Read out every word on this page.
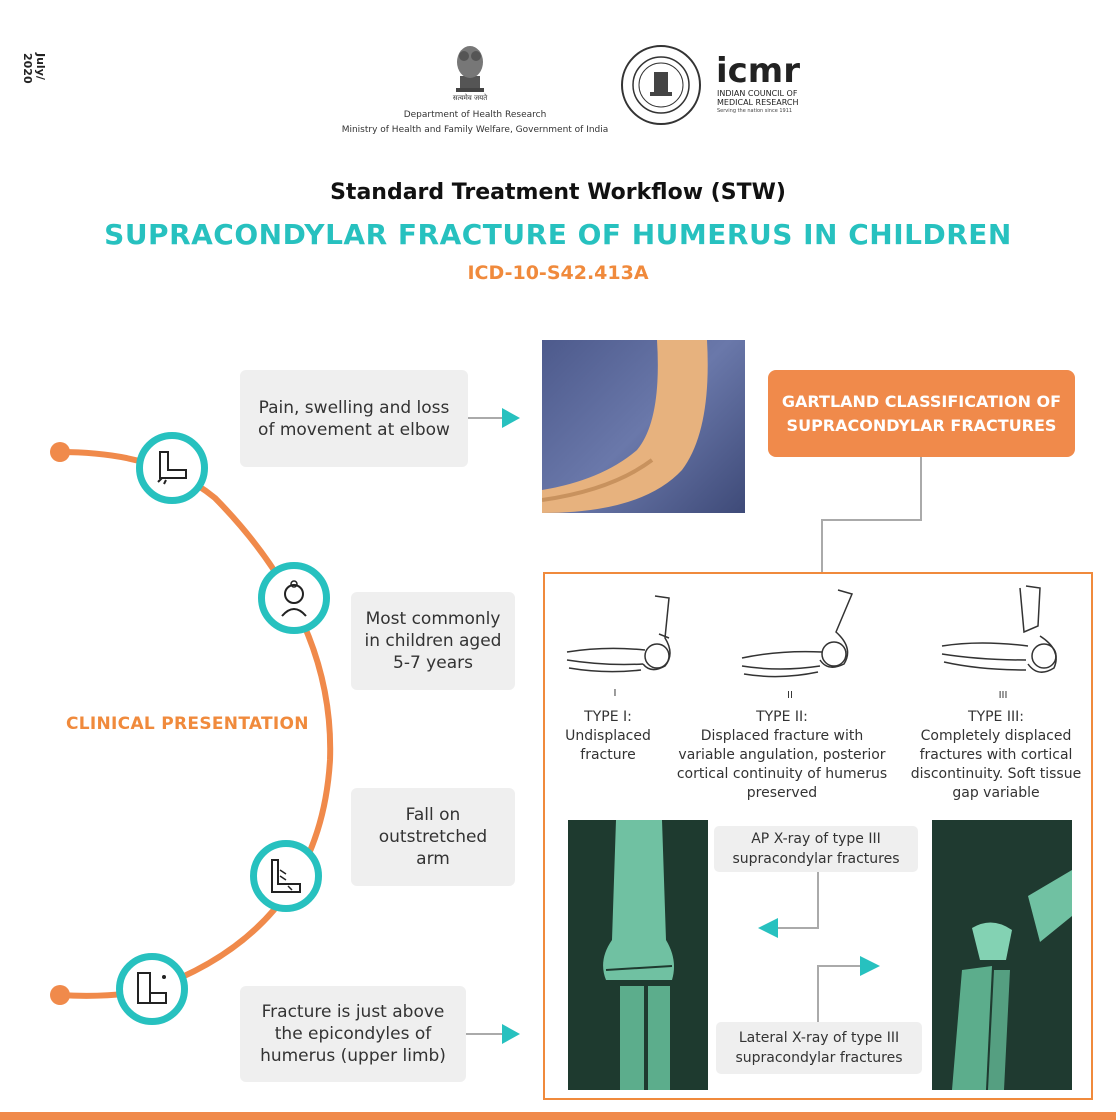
July/ 2020
सत्यमेव जयते
Department of Health Research
Ministry of Health and Family Welfare, Government of India
icmr
INDIAN COUNCIL OF
MEDICAL RESEARCH
Serving the nation since 1911
Standard Treatment Workflow (STW)
SUPRACONDYLAR FRACTURE OF HUMERUS IN CHILDREN
ICD-10-S42.413A
CLINICAL PRESENTATION
Pain, swelling and loss of movement at elbow
Most commonly in children aged 5-7 years
Fall on outstretched arm
Fracture is just above the epicondyles of humerus (upper limb)
GARTLAND CLASSIFICATION OF
SUPRACONDYLAR FRACTURES
I	II	III
TYPE I:
Undisplaced fracture
TYPE II:
Displaced fracture with variable angulation, posterior cortical continuity of humerus preserved
TYPE III:
Completely displaced fractures with cortical discontinuity. Soft tissue gap variable
AP X-ray of type III supracondylar fractures
Lateral X-ray of type III supracondylar fractures
